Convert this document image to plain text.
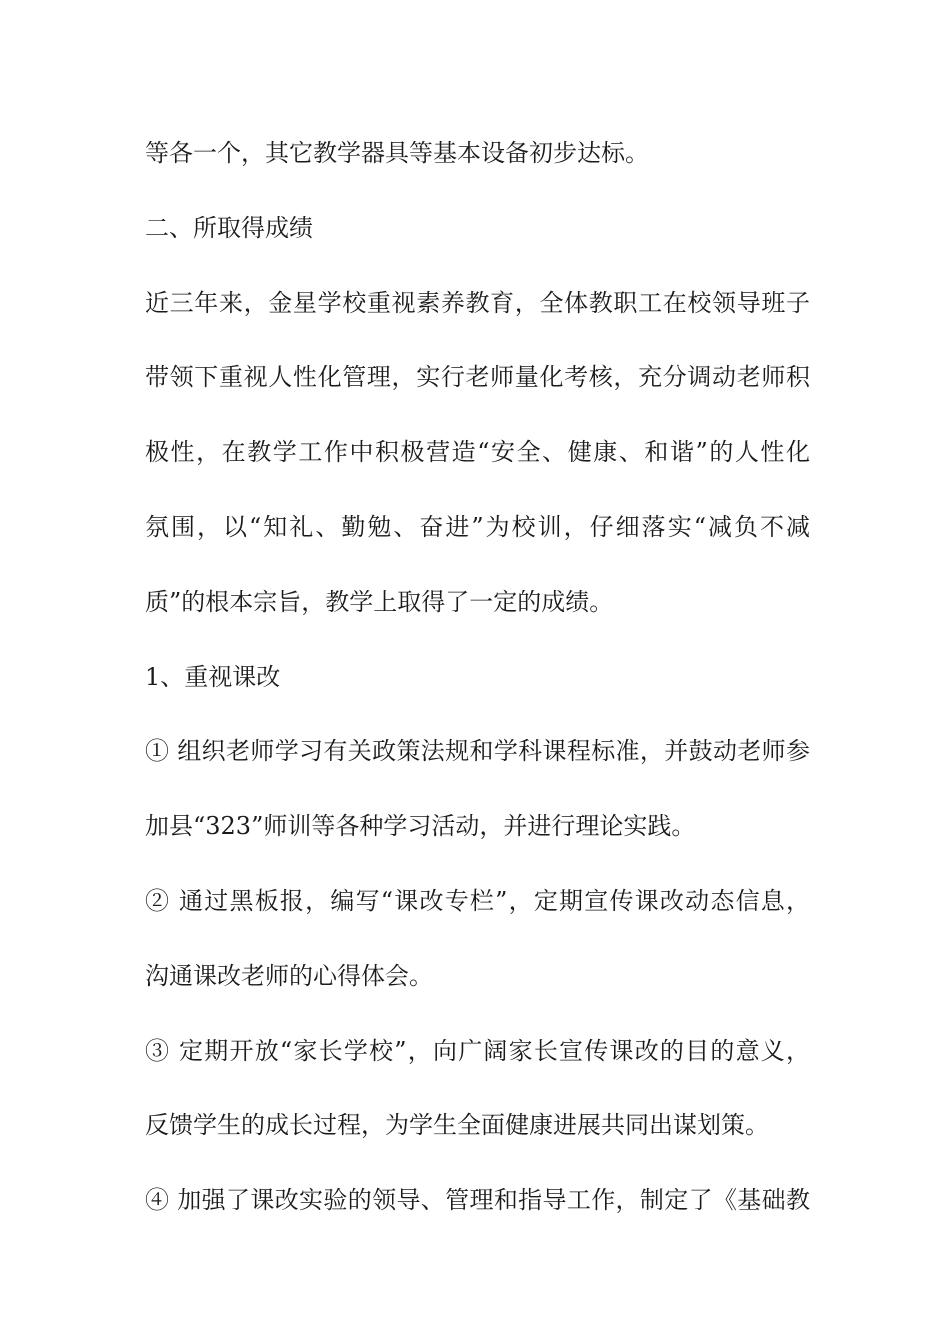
等各一个，其它教学器具等基本设备初步达标。
二、所取得成绩
近三年来，金星学校重视素养教育，全体教职工在校领导班子
带领下重视人性化管理，实行老师量化考核，充分调动老师积
极性，在教学工作中积极营造“安全、健康、和谐”的人性化
氛围，以“知礼、勤勉、奋进”为校训，仔细落实“减负不减
质”的根本宗旨，教学上取得了一定的成绩。
1、重视课改
① 组织老师学习有关政策法规和学科课程标准，并鼓动老师参
加县“323”师训等各种学习活动，并进行理论实践。
② 通过黑板报，编写“课改专栏”，定期宣传课改动态信息，
沟通课改老师的心得体会。
③ 定期开放“家长学校”，向广阔家长宣传课改的目的意义，
反馈学生的成长过程，为学生全面健康进展共同出谋划策。
④ 加强了课改实验的领导、管理和指导工作，制定了《基础教
